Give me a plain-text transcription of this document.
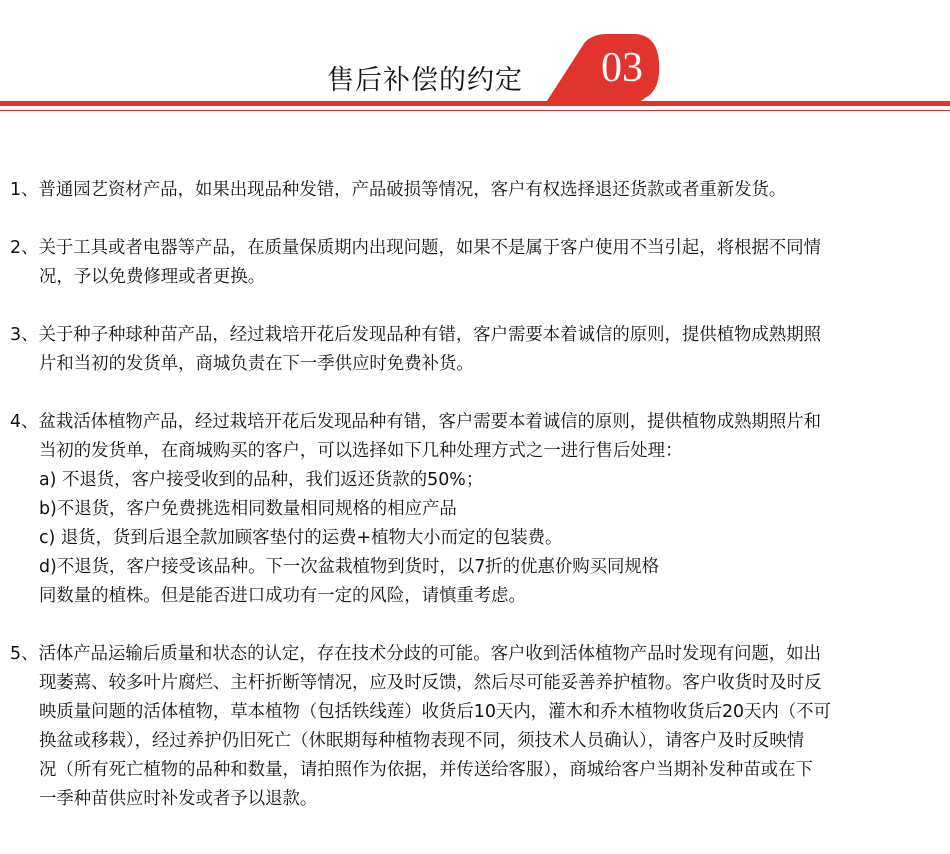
售后补偿的约定 03

1、普通园艺资材产品，如果出现品种发错，产品破损等情况，客户有权选择退还货款或者重新发货。

2、关于工具或者电器等产品，在质量保质期内出现问题，如果不是属于客户使用不当引起，将根据不同情

况，予以免费修理或者更换。

3、关于种子种球种苗产品，经过栽培开花后发现品种有错，客户需要本着诚信的原则，提供植物成熟期照

片和当初的发货单，商城负责在下一季供应时免费补货。

4、盆栽活体植物产品，经过栽培开花后发现品种有错，客户需要本着诚信的原则，提供植物成熟期照片和

当初的发货单，在商城购买的客户，可以选择如下几种处理方式之一进行售后处理：

a) 不退货，客户接受收到的品种，我们返还货款的50%；

b)不退货，客户免费挑选相同数量相同规格的相应产品

c) 退货，货到后退全款加顾客垫付的运费+植物大小而定的包装费。

d)不退货，客户接受该品种。下一次盆栽植物到货时，以7折的优惠价购买同规格

同数量的植株。但是能否进口成功有一定的风险，请慎重考虑。

5、活体产品运输后质量和状态的认定，存在技术分歧的可能。客户收到活体植物产品时发现有问题，如出

现萎蔫、较多叶片腐烂、主杆折断等情况，应及时反馈，然后尽可能妥善养护植物。客户收货时及时反

映质量问题的活体植物，草本植物（包括铁线莲）收货后10天内，灌木和乔木植物收货后20天内（不可

换盆或移栽），经过养护仍旧死亡（休眠期每种植物表现不同，须技术人员确认），请客户及时反映情

况（所有死亡植物的品种和数量，请拍照作为依据，并传送给客服），商城给客户当期补发种苗或在下

一季种苗供应时补发或者予以退款。
